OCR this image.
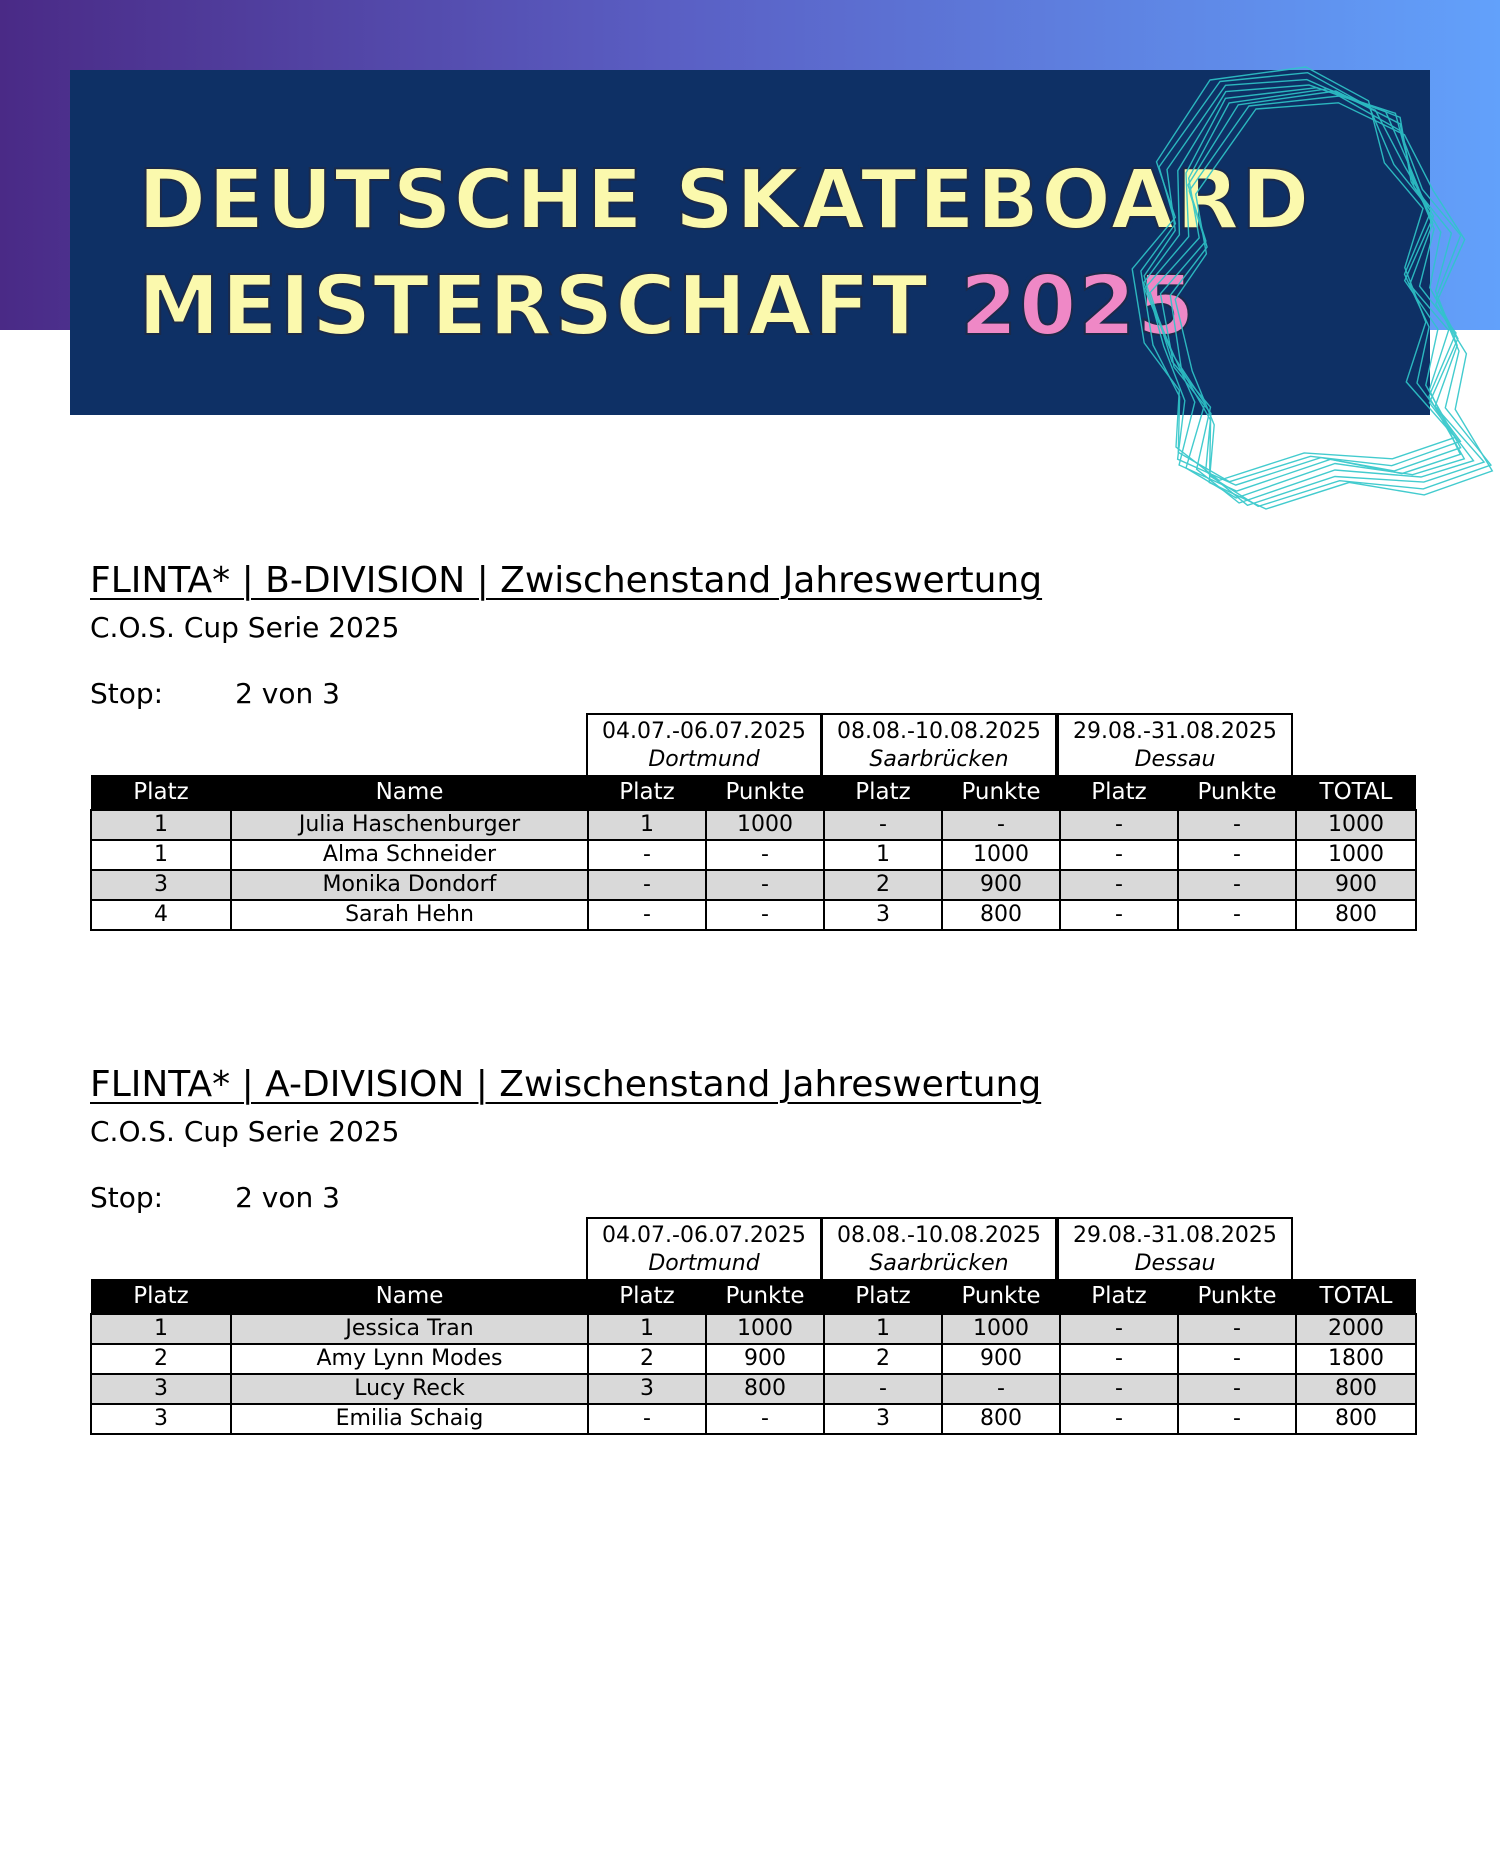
DEUTSCHE SKATEBOARD
MEISTERSCHAFT 2025
FLINTA* | B-DIVISION | Zwischenstand Jahreswertung
C.O.S. Cup Serie 2025
Stop:	2 von 3
04.07.-06.07.2025
Dortmund
08.08.-10.08.2025
Saarbrücken
29.08.-31.08.2025
Dessau
Platz	Name	Platz	Punkte	Platz	Punkte	Platz	Punkte	TOTAL
1	Julia Haschenburger	1	1000	-	-	-	-	1000
1	Alma Schneider	-	-	1	1000	-	-	1000
3	Monika Dondorf	-	-	2	900	-	-	900
4	Sarah Hehn	-	-	3	800	-	-	800
FLINTA* | A-DIVISION | Zwischenstand Jahreswertung
C.O.S. Cup Serie 2025
Stop:	2 von 3
04.07.-06.07.2025
Dortmund
08.08.-10.08.2025
Saarbrücken
29.08.-31.08.2025
Dessau
Platz	Name	Platz	Punkte	Platz	Punkte	Platz	Punkte	TOTAL
1	Jessica Tran	1	1000	1	1000	-	-	2000
2	Amy Lynn Modes	2	900	2	900	-	-	1800
3	Lucy Reck	3	800	-	-	-	-	800
3	Emilia Schaig	-	-	3	800	-	-	800
